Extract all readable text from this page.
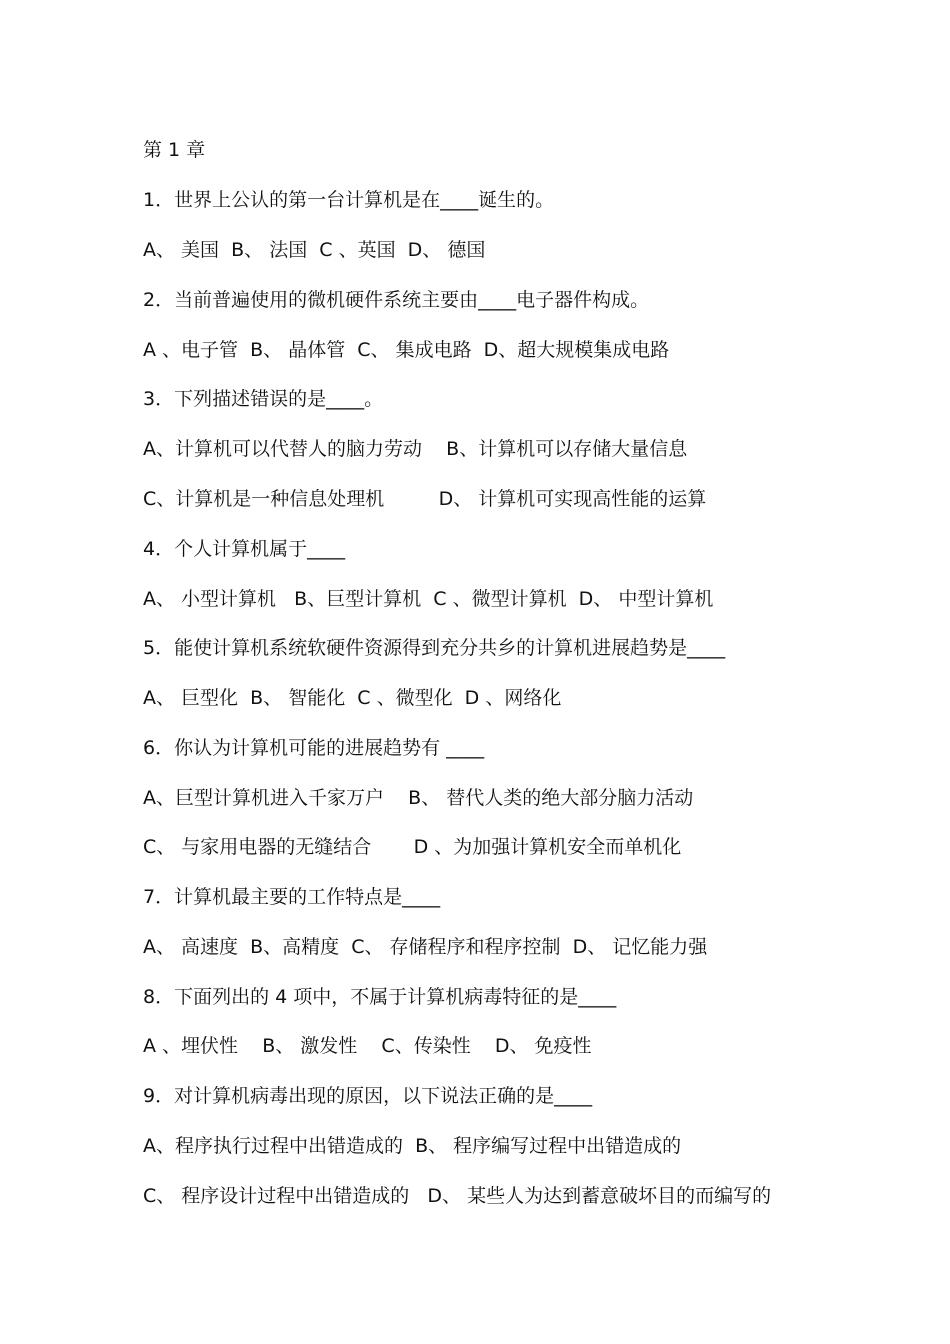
第 1 章
1．世界上公认的第一台计算机是在____诞生的。
A、 美国  B、 法国  C 、英国  D、 德国
2．当前普遍使用的微机硬件系统主要由____电子器件构成。
A 、电子管  B、 晶体管  C、 集成电路  D、超大规模集成电路
3．下列描述错误的是____。
A、计算机可以代替人的脑力劳动    B、计算机可以存储大量信息
C、计算机是一种信息处理机         D、 计算机可实现高性能的运算
4．个人计算机属于____
A、 小型计算机   B、巨型计算机  C 、微型计算机  D、 中型计算机
5．能使计算机系统软硬件资源得到充分共乡的计算机进展趋势是____
A、 巨型化  B、 智能化  C 、微型化  D 、网络化
6．你认为计算机可能的进展趋势有 ____
A、巨型计算机进入千家万户    B、 替代人类的绝大部分脑力活动
C、 与家用电器的无缝结合       D 、为加强计算机安全而单机化
7．计算机最主要的工作特点是____
A、 高速度  B、高精度  C、 存储程序和程序控制  D、 记忆能力强
8．下面列出的 4 项中，不属于计算机病毒特征的是____
A 、埋伏性    B、 激发性    C、传染性    D、 免疫性
9．对计算机病毒出现的原因，以下说法正确的是____
A、程序执行过程中出错造成的  B、 程序编写过程中出错造成的
C、 程序设计过程中出错造成的   D、 某些人为达到蓄意破坏目的而编写的
